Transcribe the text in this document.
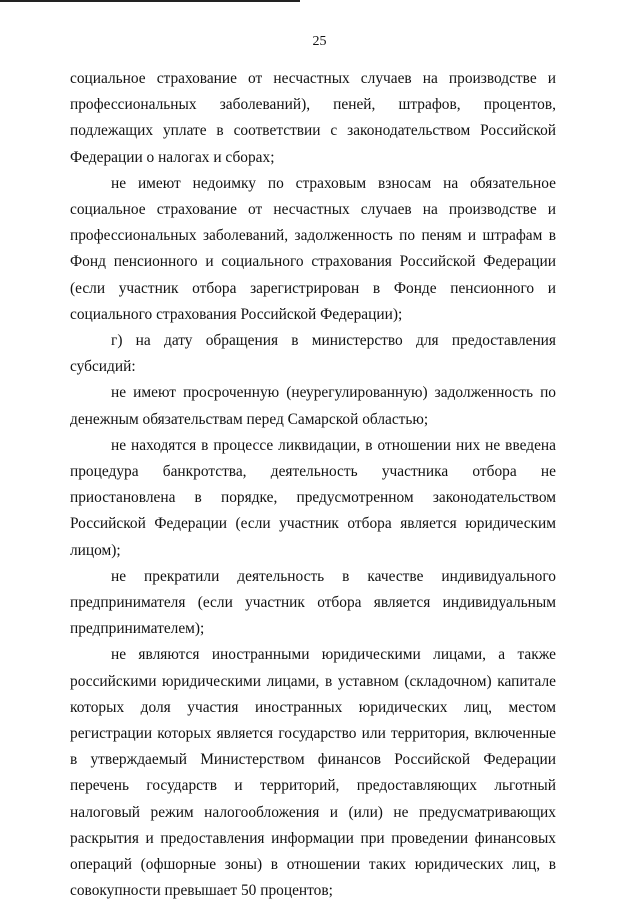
25

социальное страхование от несчастных случаев на производстве и профессиональных заболеваний), пеней, штрафов, процентов, подлежащих уплате в соответствии с законодательством Российской Федерации о налогах и сборах;

не имеют недоимку по страховым взносам на обязательное социальное страхование от несчастных случаев на производстве и профессиональных заболеваний, задолженность по пеням и штрафам в Фонд пенсионного и социального страхования Российской Федерации (если участник отбора зарегистрирован в Фонде пенсионного и социального страхования Российской Федерации);

г) на дату обращения в министерство для предоставления субсидий:

не имеют просроченную (неурегулированную) задолженность по денежным обязательствам перед Самарской областью;

не находятся в процессе ликвидации, в отношении них не введена процедура банкротства, деятельность участника отбора не приостановлена в порядке, предусмотренном законодательством Российской Федерации (если участник отбора является юридическим лицом);

не прекратили деятельность в качестве индивидуального предпринимателя (если участник отбора является индивидуальным предпринимателем);

не являются иностранными юридическими лицами, а также российскими юридическими лицами, в уставном (складочном) капитале которых доля участия иностранных юридических лиц, местом регистрации которых является государство или территория, включенные в утверждаемый Министерством финансов Российской Федерации перечень государств и территорий, предоставляющих льготный налоговый режим налогообложения и (или) не предусматривающих раскрытия и предоставления информации при проведении финансовых операций (офшорные зоны) в отношении таких юридических лиц, в совокупности превышает 50 процентов;
